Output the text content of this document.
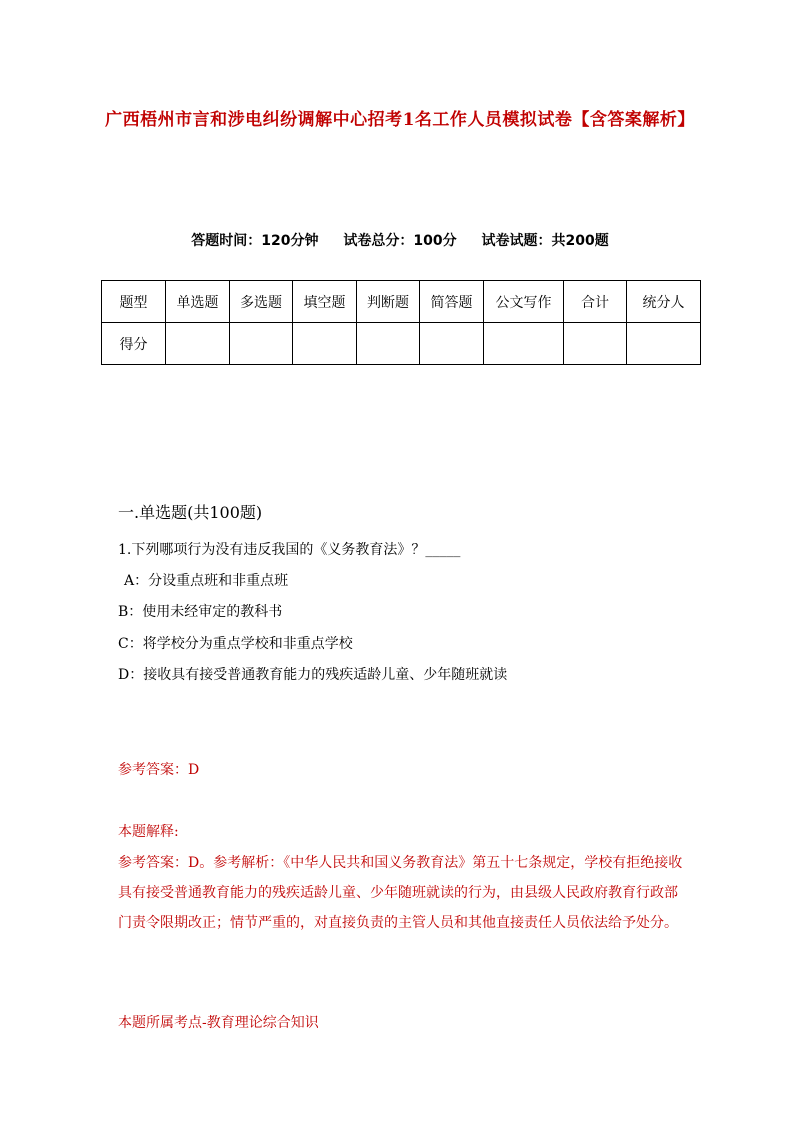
广西梧州市言和涉电纠纷调解中心招考1名工作人员模拟试卷【含答案解析】
答题时间：120分钟 试卷总分：100分 试卷试题：共200题
题型	单选题	多选题	填空题	判断题	简答题	公文写作	合计	统分人
得分								
一.单选题(共100题)
1.下列哪项行为没有违反我国的《义务教育法》？_____
A：分设重点班和非重点班
B：使用未经审定的教科书
C：将学校分为重点学校和非重点学校
D：接收具有接受普通教育能力的残疾适龄儿童、少年随班就读
参考答案：D
本题解释:
参考答案：D。参考解析：《中华人民共和国义务教育法》第五十七条规定，学校有拒绝接收具有接受普通教育能力的残疾适龄儿童、少年随班就读的行为，由县级人民政府教育行政部门责令限期改正；情节严重的，对直接负责的主管人员和其他直接责任人员依法给予处分。
本题所属考点-教育理论综合知识
